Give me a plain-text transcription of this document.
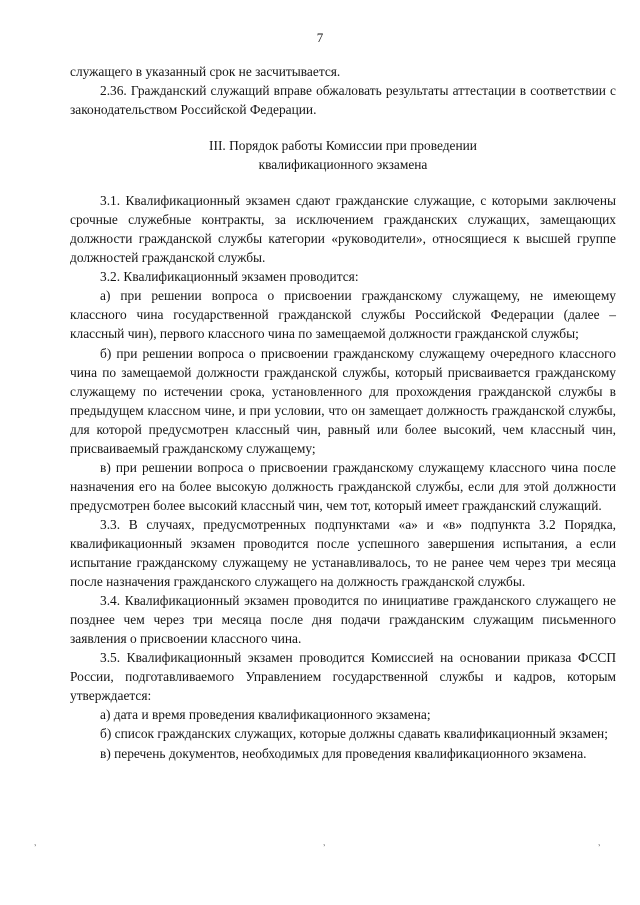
7

служащего в указанный срок не засчитывается.

2.36. Гражданский служащий вправе обжаловать результаты аттестации в соответствии с законодательством Российской Федерации.

III. Порядок работы Комиссии при проведении
квалификационного экзамена

3.1. Квалификационный экзамен сдают гражданские служащие, с которыми заключены срочные служебные контракты, за исключением гражданских служащих, замещающих должности гражданской службы категории «руководители», относящиеся к высшей группе должностей гражданской службы.

3.2. Квалификационный экзамен проводится:

а) при решении вопроса о присвоении гражданскому служащему, не имеющему классного чина государственной гражданской службы Российской Федерации (далее – классный чин), первого классного чина по замещаемой должности гражданской службы;

б) при решении вопроса о присвоении гражданскому служащему очередного классного чина по замещаемой должности гражданской службы, который присваивается гражданскому служащему по истечении срока, установленного для прохождения гражданской службы в предыдущем классном чине, и при условии, что он замещает должность гражданской службы, для которой предусмотрен классный чин, равный или более высокий, чем классный чин, присваиваемый гражданскому служащему;

в) при решении вопроса о присвоении гражданскому служащему классного чина после назначения его на более высокую должность гражданской службы, если для этой должности предусмотрен более высокий классный чин, чем тот, который имеет гражданский служащий.

3.3. В случаях, предусмотренных подпунктами «а» и «в» подпункта 3.2 Порядка, квалификационный экзамен проводится после успешного завершения испытания, а если испытание гражданскому служащему не устанавливалось, то не ранее чем через три месяца после назначения гражданского служащего на должность гражданской службы.

3.4. Квалификационный экзамен проводится по инициативе гражданского служащего не позднее чем через три месяца после дня подачи гражданским служащим письменного заявления о присвоении классного чина.

3.5. Квалификационный экзамен проводится Комиссией на основании приказа ФССП России, подготавливаемого Управлением государственной службы и кадров, которым утверждается:

а) дата и время проведения квалификационного экзамена;

б) список гражданских служащих, которые должны сдавать квалификационный экзамен;

в) перечень документов, необходимых для проведения квалификационного экзамена.

ʾ	ʾ	ʾ
